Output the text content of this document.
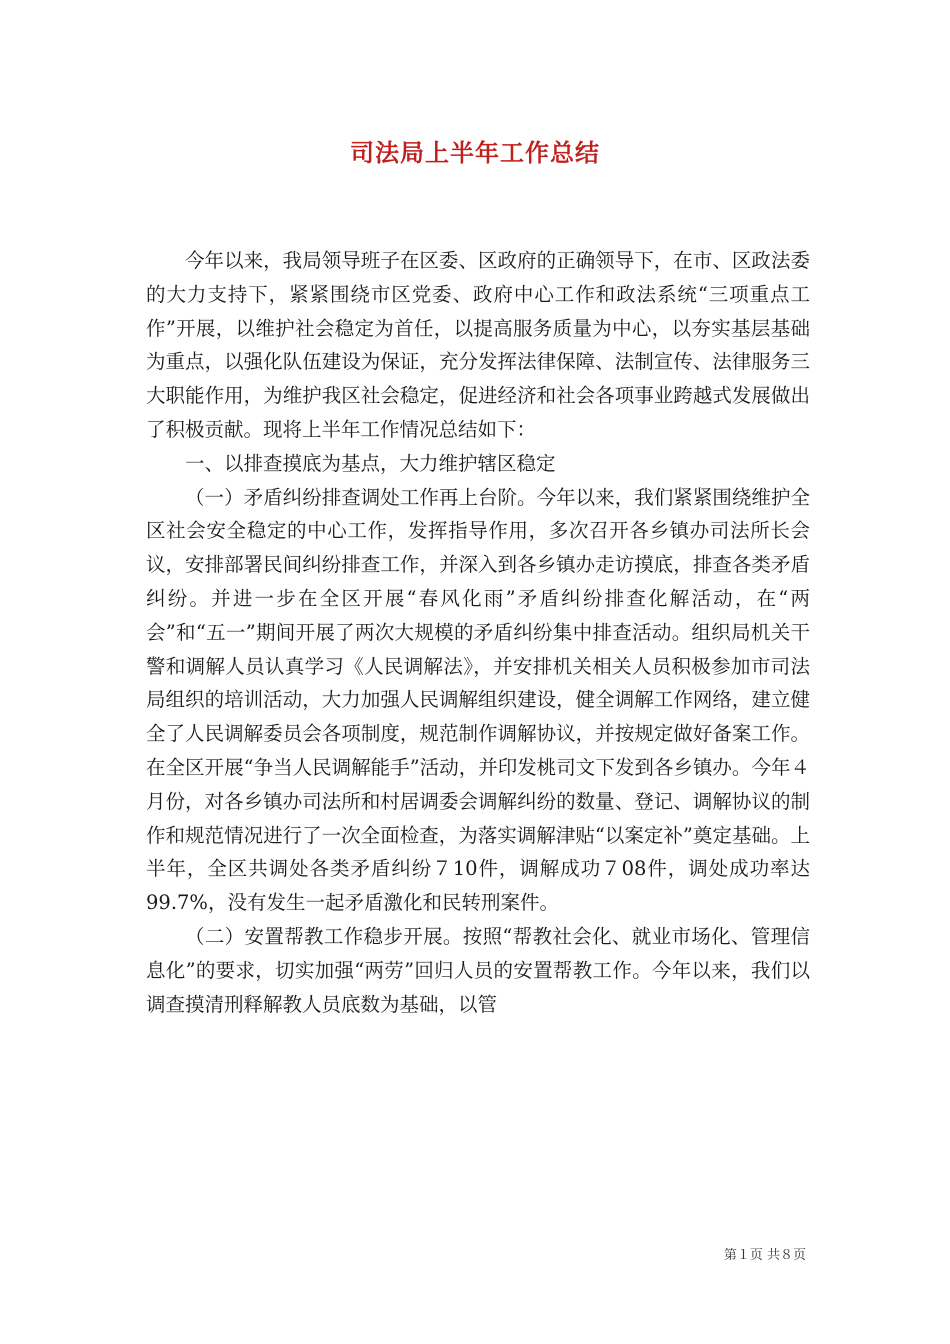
司法局上半年工作总结

今年以来，我局领导班子在区委、区政府的正确领导下，在市、区政法委的大力支持下，紧紧围绕市区党委、政府中心工作和政法系统“三项重点工作”开展，以维护社会稳定为首任，以提高服务质量为中心，以夯实基层基础为重点，以强化队伍建设为保证，充分发挥法律保障、法制宣传、法律服务三大职能作用，为维护我区社会稳定，促进经济和社会各项事业跨越式发展做出了积极贡献。现将上半年工作情况总结如下：

一、以排查摸底为基点，大力维护辖区稳定

（一）矛盾纠纷排查调处工作再上台阶。今年以来，我们紧紧围绕维护全区社会安全稳定的中心工作，发挥指导作用，多次召开各乡镇办司法所长会议，安排部署民间纠纷排查工作，并深入到各乡镇办走访摸底，排查各类矛盾纠纷。并进一步在全区开展“春风化雨”矛盾纠纷排查化解活动，在“两会”和“五一”期间开展了两次大规模的矛盾纠纷集中排查活动。组织局机关干警和调解人员认真学习《人民调解法》，并安排机关相关人员积极参加市司法局组织的培训活动，大力加强人民调解组织建设，健全调解工作网络，建立健全了人民调解委员会各项制度，规范制作调解协议，并按规定做好备案工作。在全区开展“争当人民调解能手”活动，并印发桃司文下发到各乡镇办。今年４月份，对各乡镇办司法所和村居调委会调解纠纷的数量、登记、调解协议的制作和规范情况进行了一次全面检查，为落实调解津贴“以案定补”奠定基础。上半年，全区共调处各类矛盾纠纷７10件，调解成功７08件，调处成功率达99.7%，没有发生一起矛盾激化和民转刑案件。

（二）安置帮教工作稳步开展。按照“帮教社会化、就业市场化、管理信息化”的要求，切实加强“两劳”回归人员的安置帮教工作。今年以来，我们以调查摸清刑释解教人员底数为基础，以管

第１页 共８页
